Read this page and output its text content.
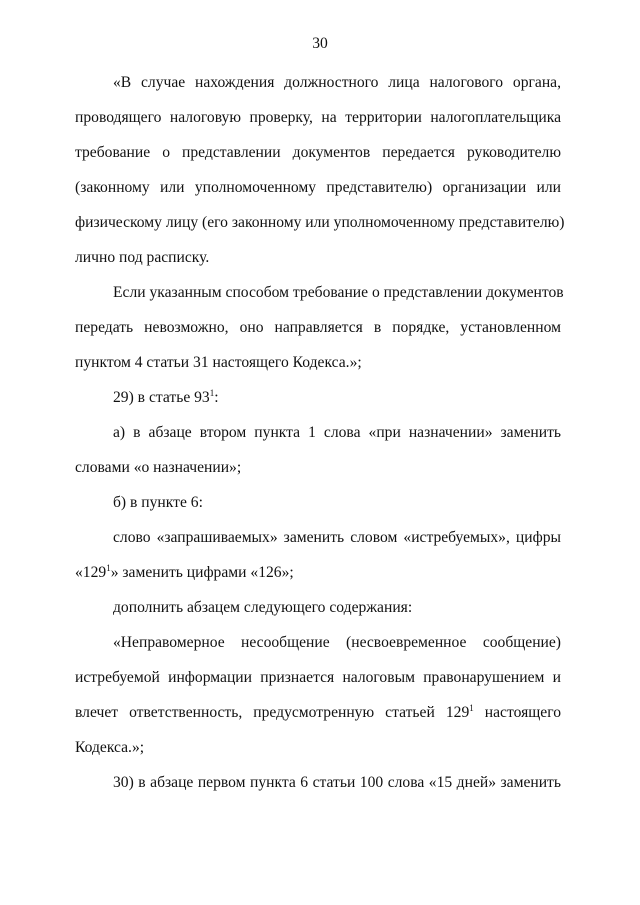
30
«В случае нахождения должностного лица налогового органа,
проводящего налоговую проверку, на территории налогоплательщика
требование о представлении документов передается руководителю
(законному или уполномоченному представителю) организации или
физическому лицу (его законному или уполномоченному представителю)
лично под расписку.
Если указанным способом требование о представлении документов
передать невозможно, оно направляется в порядке, установленном
пунктом 4 статьи 31 настоящего Кодекса.»;
29) в статье $93^1$:
а) в абзаце втором пункта 1 слова «при назначении» заменить
словами «о назначении»;
б) в пункте 6:
слово «запрашиваемых» заменить словом «истребуемых», цифры
«$129^1$» заменить цифрами «126»;
дополнить абзацем следующего содержания:
«Неправомерное несообщение (несвоевременное сообщение)
истребуемой информации признается налоговым правонарушением и
влечет ответственность, предусмотренную статьей $129^1$ настоящего
Кодекса.»;
30) в абзаце первом пункта 6 статьи 100 слова «15 дней» заменить
